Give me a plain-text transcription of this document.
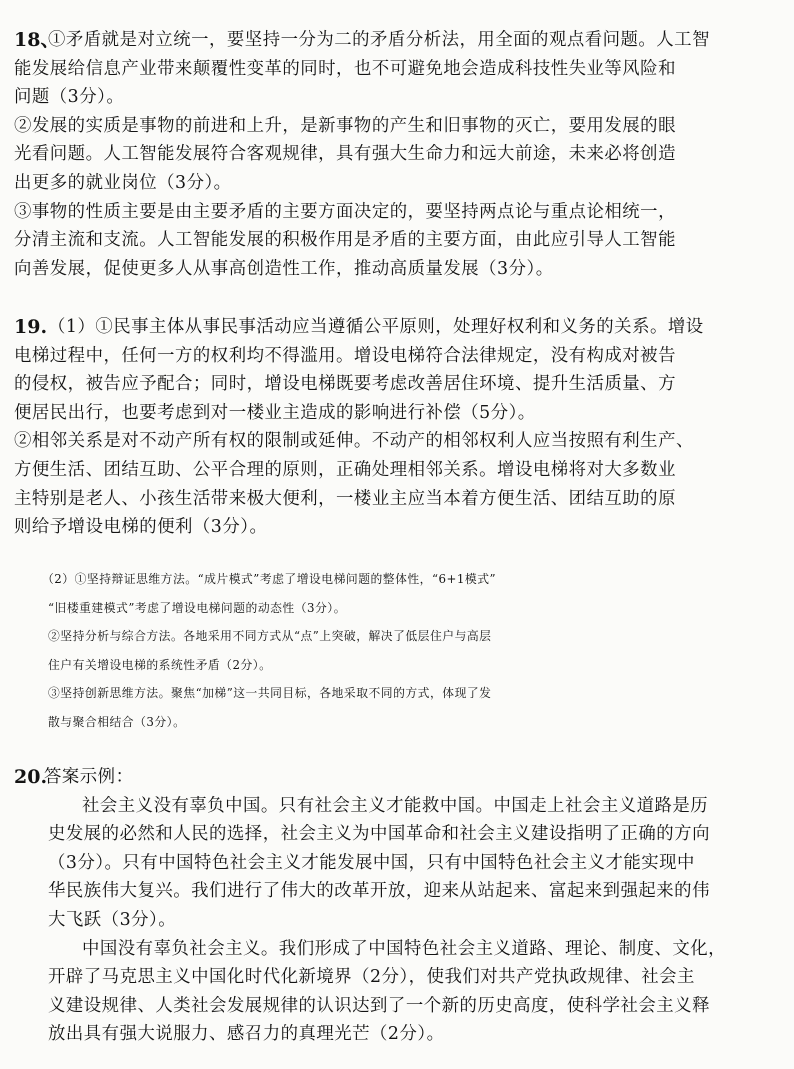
18、
①矛盾就是对立统一，要坚持一分为二的矛盾分析法，用全面的观点看问题。人工智
能发展给信息产业带来颠覆性变革的同时，也不可避免地会造成科技性失业等风险和
问题（3分）。
②发展的实质是事物的前进和上升，是新事物的产生和旧事物的灭亡，要用发展的眼
光看问题。人工智能发展符合客观规律，具有强大生命力和远大前途，未来必将创造
出更多的就业岗位（3分）。
③事物的性质主要是由主要矛盾的主要方面决定的，要坚持两点论与重点论相统一，
分清主流和支流。人工智能发展的积极作用是矛盾的主要方面，由此应引导人工智能
向善发展，促使更多人从事高创造性工作，推动高质量发展（3分）。
19. （1）①民事主体从事民事活动应当遵循公平原则，处理好权利和义务的关系。增设
电梯过程中，任何一方的权利均不得滥用。增设电梯符合法律规定，没有构成对被告
的侵权，被告应予配合；同时，增设电梯既要考虑改善居住环境、提升生活质量、方
便居民出行，也要考虑到对一楼业主造成的影响进行补偿（5分）。
②相邻关系是对不动产所有权的限制或延伸。不动产的相邻权利人应当按照有利生产、
方便生活、团结互助、公平合理的原则，正确处理相邻关系。增设电梯将对大多数业
主特别是老人、小孩生活带来极大便利，一楼业主应当本着方便生活、团结互助的原
则给予增设电梯的便利（3分）。
（2）①坚持辩证思维方法。“成片模式”考虑了增设电梯问题的整体性，“6+1模式”
“旧楼重建模式”考虑了增设电梯问题的动态性（3分）。
②坚持分析与综合方法。各地采用不同方式从“点”上突破，解决了低层住户与高层
住户有关增设电梯的系统性矛盾（2分）。
③坚持创新思维方法。聚焦“加梯”这一共同目标，各地采取不同的方式，体现了发
散与聚合相结合（3分）。
20.
答案示例：
社会主义没有辜负中国。只有社会主义才能救中国。中国走上社会主义道路是历
史发展的必然和人民的选择，社会主义为中国革命和社会主义建设指明了正确的方向
（3分）。只有中国特色社会主义才能发展中国，只有中国特色社会主义才能实现中
华民族伟大复兴。我们进行了伟大的改革开放，迎来从站起来、富起来到强起来的伟
大飞跃（3分）。
中国没有辜负社会主义。我们形成了中国特色社会主义道路、理论、制度、文化，
开辟了马克思主义中国化时代化新境界（2分），使我们对共产党执政规律、社会主
义建设规律、人类社会发展规律的认识达到了一个新的历史高度，使科学社会主义释
放出具有强大说服力、感召力的真理光芒（2分）。
